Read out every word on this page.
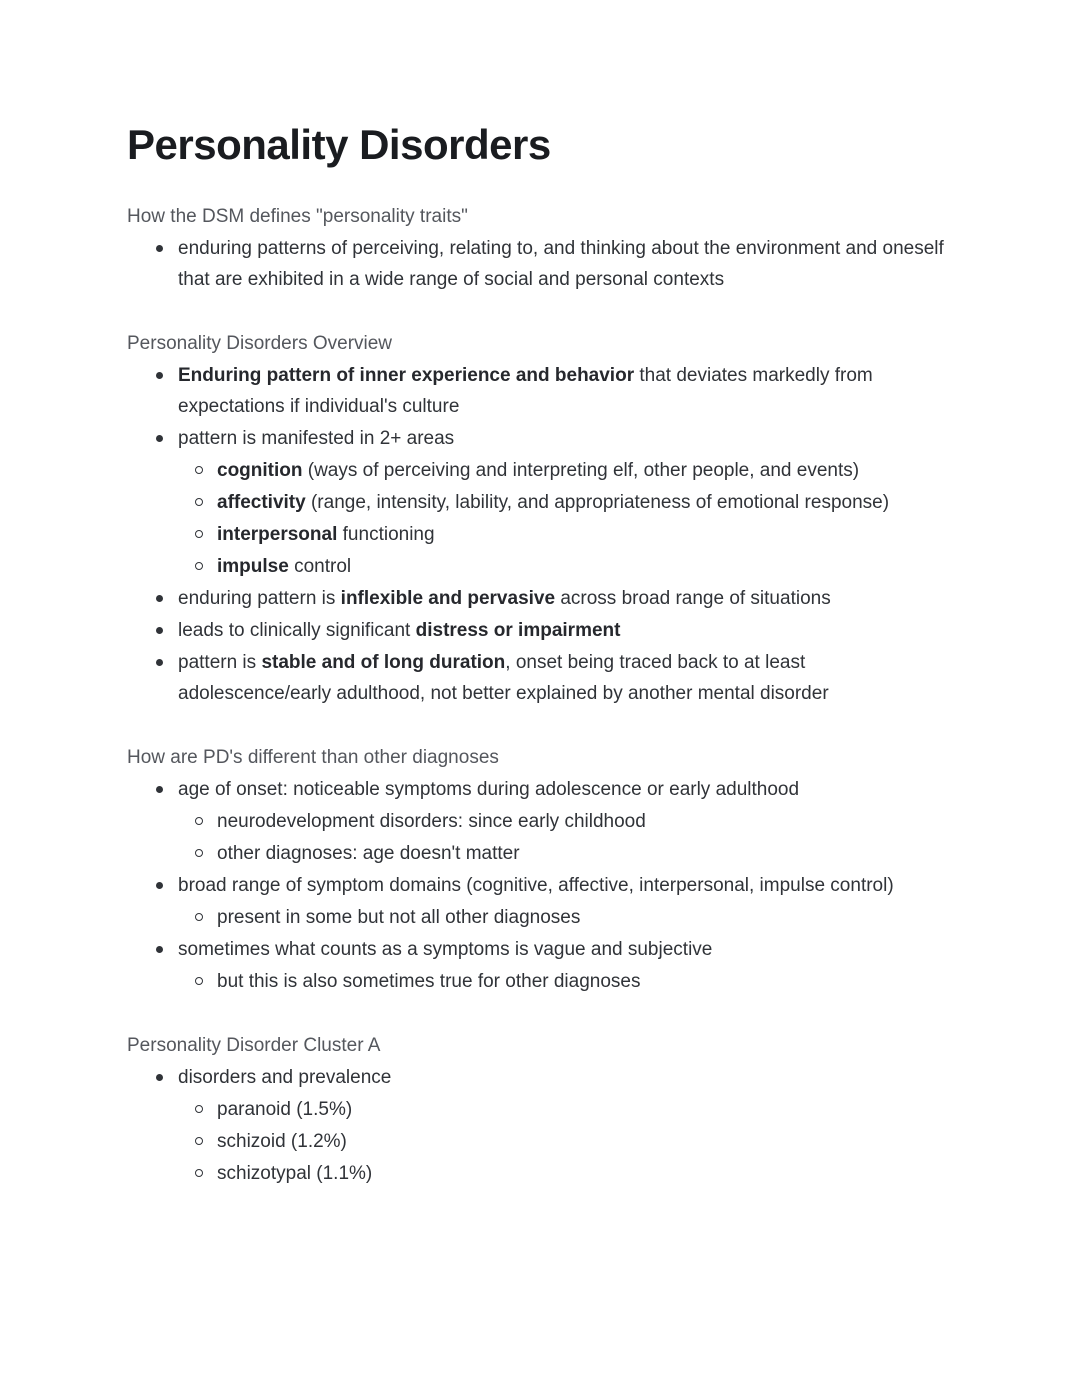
Personality Disorders

How the DSM defines "personality traits"

enduring patterns of perceiving, relating to, and thinking about the environment and oneself that are exhibited in a wide range of social and personal contexts

Personality Disorders Overview

Enduring pattern of inner experience and behavior that deviates markedly from expectations if individual's culture
pattern is manifested in 2+ areas
cognition (ways of perceiving and interpreting elf, other people, and events)
affectivity (range, intensity, lability, and appropriateness of emotional response)
interpersonal functioning
impulse control
enduring pattern is inflexible and pervasive across broad range of situations
leads to clinically significant distress or impairment
pattern is stable and of long duration, onset being traced back to at least adolescence/early adulthood, not better explained by another mental disorder

How are PD's different than other diagnoses

age of onset: noticeable symptoms during adolescence or early adulthood
neurodevelopment disorders: since early childhood
other diagnoses: age doesn't matter
broad range of symptom domains (cognitive, affective, interpersonal, impulse control)
present in some but not all other diagnoses
sometimes what counts as a symptoms is vague and subjective
but this is also sometimes true for other diagnoses

Personality Disorder Cluster A

disorders and prevalence
paranoid (1.5%)
schizoid (1.2%)
schizotypal (1.1%)
